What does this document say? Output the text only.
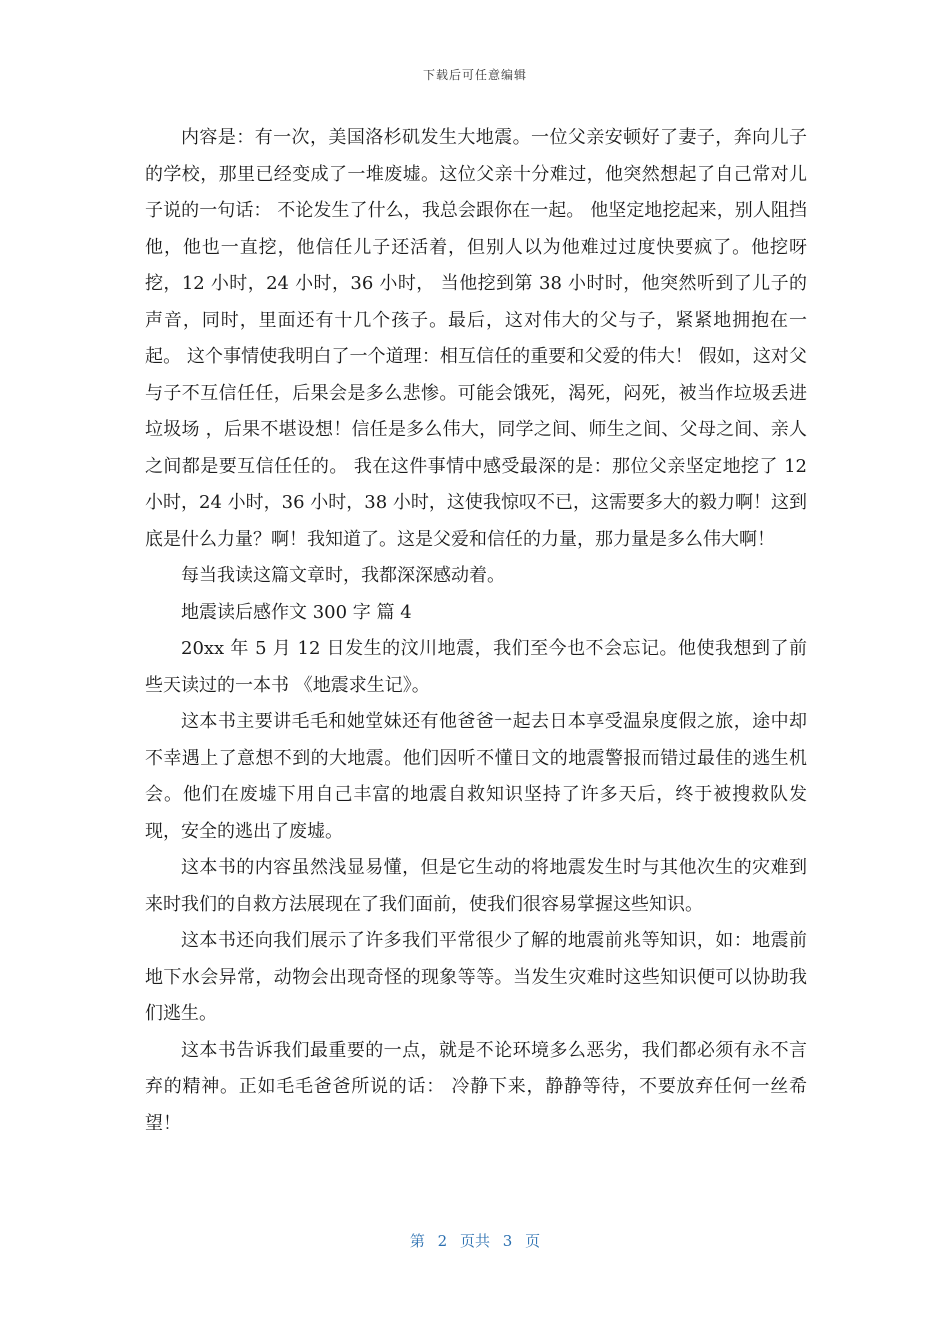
下载后可任意编辑

内容是：有一次，美国洛杉矶发生大地震。一位父亲安顿好了妻子，奔向儿子的学校，那里已经变成了一堆废墟。这位父亲十分难过，他突然想起了自己常对儿子说的一句话： 不论发生了什么，我总会跟你在一起。 他坚定地挖起来，别人阻挡他，他也一直挖，他信任儿子还活着，但别人以为他难过过度快要疯了。他挖呀挖，12 小时，24 小时，36 小时， 当他挖到第 38 小时时，他突然听到了儿子的声音，同时，里面还有十几个孩子。最后，这对伟大的父与子，紧紧地拥抱在一起。 这个事情使我明白了一个道理：相互信任的重要和父爱的伟大！ 假如，这对父与子不互信任任，后果会是多么悲惨。可能会饿死，渴死，闷死，被当作垃圾丢进垃圾场 ，后果不堪设想！信任是多么伟大，同学之间、师生之间、父母之间、亲人之间都是要互信任任的。 我在这件事情中感受最深的是：那位父亲坚定地挖了 12 小时，24 小时，36 小时，38 小时，这使我惊叹不已，这需要多大的毅力啊！这到底是什么力量？啊！我知道了。这是父爱和信任的力量，那力量是多么伟大啊！

每当我读这篇文章时，我都深深感动着。

地震读后感作文 300 字 篇 4

20xx 年 5 月 12 日发生的汶川地震，我们至今也不会忘记。他使我想到了前些天读过的一本书 《地震求生记》。

这本书主要讲毛毛和她堂妹还有他爸爸一起去日本享受温泉度假之旅，途中却不幸遇上了意想不到的大地震。他们因听不懂日文的地震警报而错过最佳的逃生机会。他们在废墟下用自己丰富的地震自救知识坚持了许多天后，终于被搜救队发现，安全的逃出了废墟。

这本书的内容虽然浅显易懂，但是它生动的将地震发生时与其他次生的灾难到来时我们的自救方法展现在了我们面前，使我们很容易掌握这些知识。

这本书还向我们展示了许多我们平常很少了解的地震前兆等知识，如：地震前地下水会异常，动物会出现奇怪的现象等等。当发生灾难时这些知识便可以协助我们逃生。

这本书告诉我们最重要的一点，就是不论环境多么恶劣，我们都必须有永不言弃的精神。正如毛毛爸爸所说的话： 冷静下来，静静等待，不要放弃任何一丝希望！

第 2 页共 3 页
